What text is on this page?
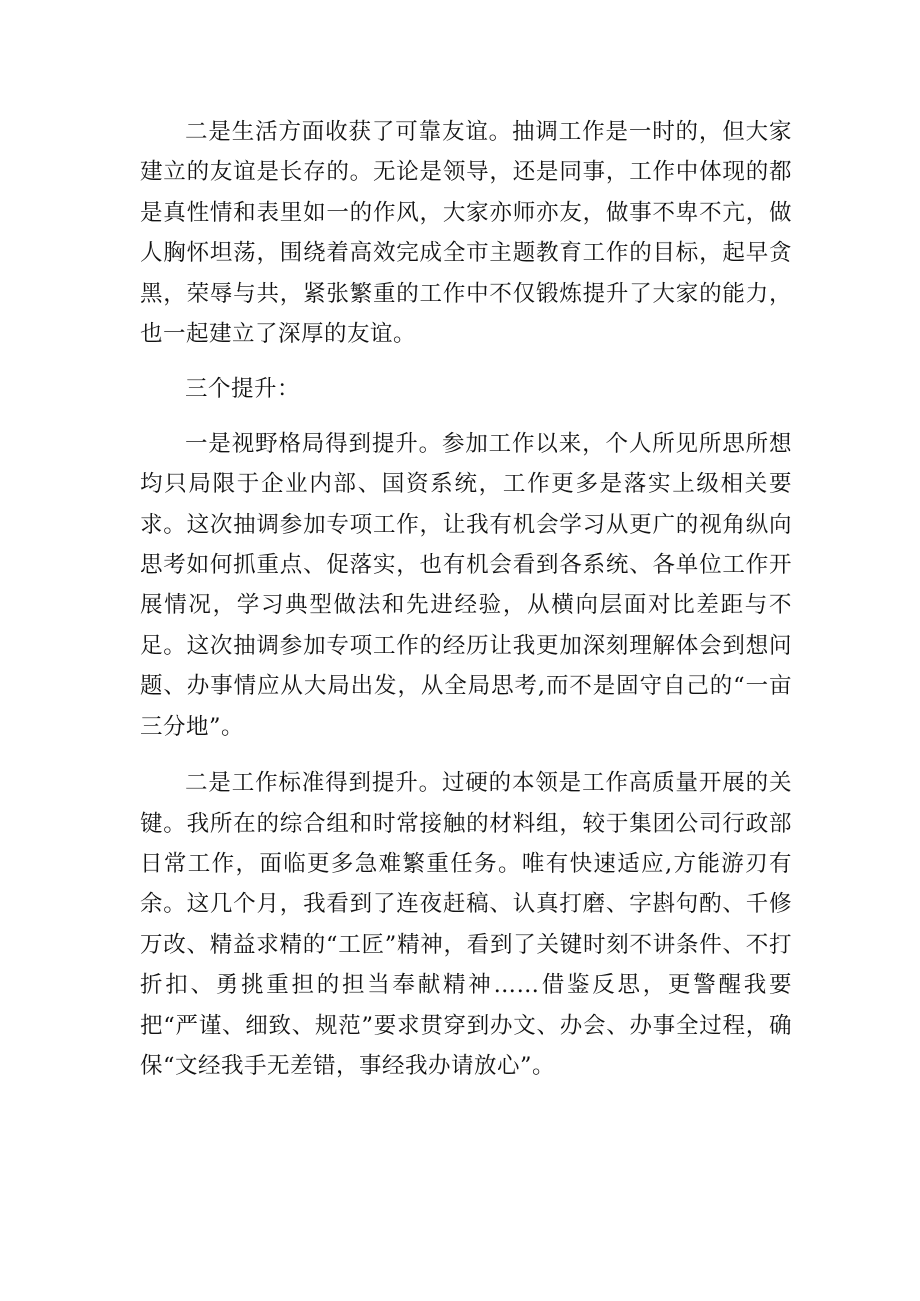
二是生活方面收获了可靠友谊。抽调工作是一时的，但大家建立的友谊是长存的。无论是领导，还是同事，工作中体现的都是真性情和表里如一的作风，大家亦师亦友，做事不卑不亢，做人胸怀坦荡，围绕着高效完成全市主题教育工作的目标，起早贪黑，荣辱与共，紧张繁重的工作中不仅锻炼提升了大家的能力，也一起建立了深厚的友谊。

三个提升：

一是视野格局得到提升。参加工作以来，个人所见所思所想均只局限于企业内部、国资系统，工作更多是落实上级相关要求。这次抽调参加专项工作，让我有机会学习从更广的视角纵向思考如何抓重点、促落实，也有机会看到各系统、各单位工作开展情况，学习典型做法和先进经验，从横向层面对比差距与不足。这次抽调参加专项工作的经历让我更加深刻理解体会到想问题、办事情应从大局出发，从全局思考,而不是固守自己的“一亩三分地”。

二是工作标准得到提升。过硬的本领是工作高质量开展的关键。我所在的综合组和时常接触的材料组，较于集团公司行政部日常工作，面临更多急难繁重任务。唯有快速适应,方能游刃有余。这几个月，我看到了连夜赶稿、认真打磨、字斟句酌、千修万改、精益求精的“工匠”精神，看到了关键时刻不讲条件、不打折扣、勇挑重担的担当奉献精神……借鉴反思，更警醒我要把“严谨、细致、规范”要求贯穿到办文、办会、办事全过程，确保“文经我手无差错，事经我办请放心”。
